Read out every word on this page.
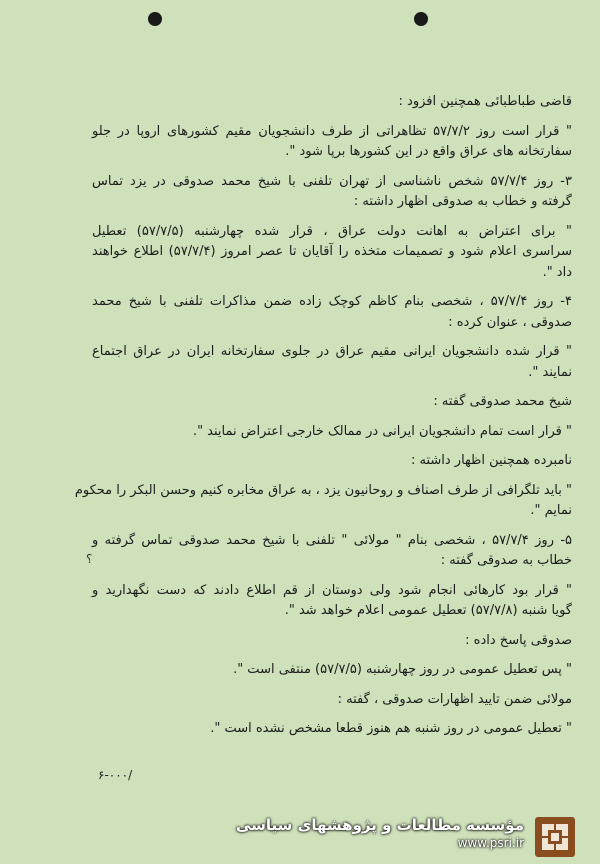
قاضی طباطبائی همچنین افزود :
" قرار است روز ۵۷/۷/۲ تظاهراتی از طرف دانشجویان مقیم کشورهای اروپا در جلو
سفارتخانه های عراق واقع در این کشورها برپا شود ".
۳- روز ۵۷/۷/۴ شخص ناشناسی از تهران تلفنی با شیخ محمد صدوقی در یزد تماس
گرفته و خطاب به صدوقی اظهار داشته :
" برای اعتراض به اهانت دولت عراق ، قرار شده چهارشنبه (۵۷/۷/۵) تعطیل
سراسری اعلام شود و تصمیمات متخذه را آقایان تا عصر امروز (۵۷/۷/۴) اطلاع خواهند
داد ".
۴- روز ۵۷/۷/۴ ، شخصی بنام کاظم کوچک زاده ضمن مذاکرات تلفنی با شیخ محمد
صدوقی ، عنوان کرده :
" قرار شده دانشجویان ایرانی مقیم عراق در جلوی سفارتخانه ایران در عراق اجتماع
نمایند ".
شیخ محمد صدوقی گفته :
" قرار است تمام دانشجویان ایرانی در ممالک خارجی اعتراض نمایند ".
نامبرده همچنین اظهار داشته :
" باید تلگرافی از طرف اصناف و روحانیون یزد ، به عراق مخابره کنیم وحسن البکر را محکوم
نمایم ".
۵- روز ۵۷/۷/۴ ، شخصی بنام " مولائی " تلفنی با شیخ محمد صدوقی تماس گرفته و
خطاب به صدوقی گفته :
" قرار بود کارهائی انجام شود ولی دوستان از قم اطلاع دادند که دست نگهدارید و
گویا شنبه (۵۷/۷/۸) تعطیل عمومی اعلام خواهد شد ".
صدوقی پاسخ داده :
" پس تعطیل عمومی در روز چهارشنبه (۵۷/۷/۵) منتفی است ".
مولائی ضمن تایید اظهارات صدوقی ، گفته :
" تعطیل عمومی در روز شنبه هم هنوز قطعا مشخص نشده است ".
؟
۶-۰۰۰/
مؤسسه مطالعات و پژوهشهای سیاسی
www.psri.ir
